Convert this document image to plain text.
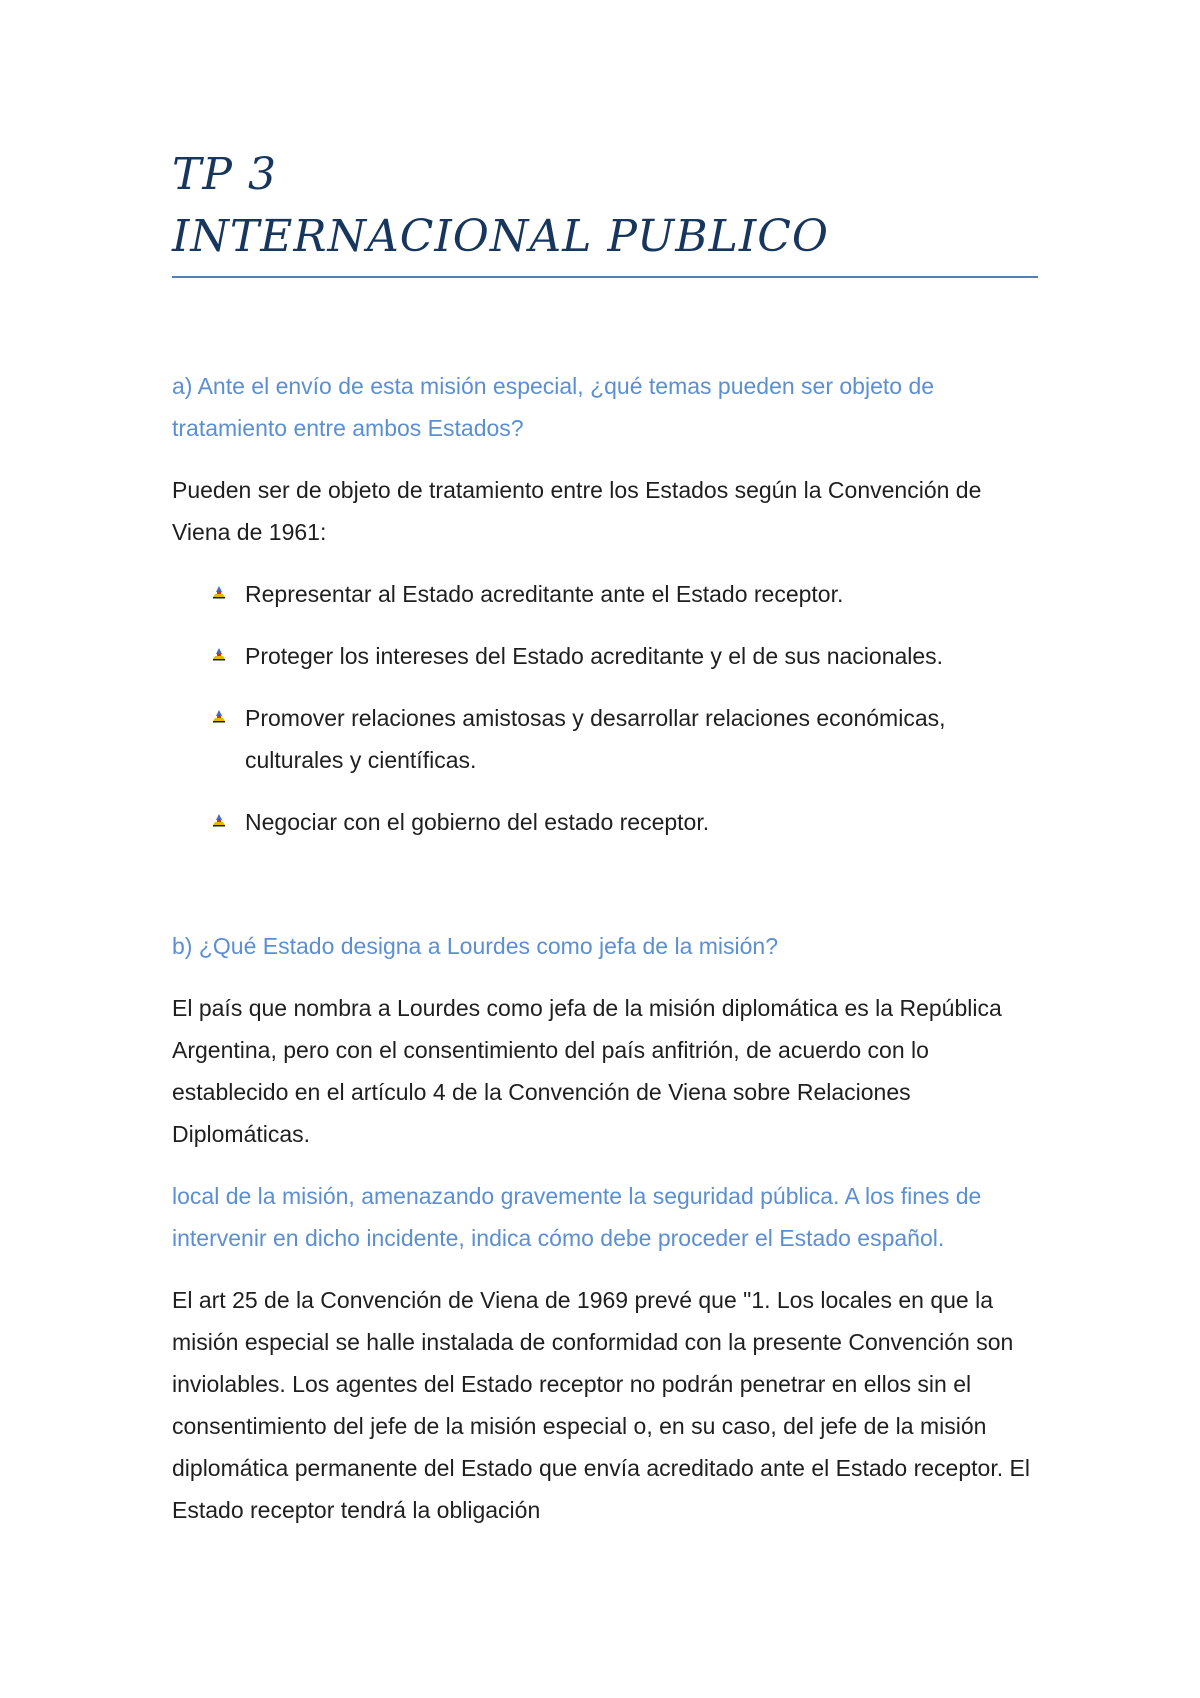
TP 3
INTERNACIONAL PUBLICO

a) Ante el envío de esta misión especial, ¿qué temas pueden ser objeto de tratamiento entre ambos Estados?

Pueden ser de objeto de tratamiento entre los Estados según la Convención de Viena de 1961:

Representar al Estado acreditante ante el Estado receptor.
Proteger los intereses del Estado acreditante y el de sus nacionales.
Promover relaciones amistosas y desarrollar relaciones económicas, culturales y científicas.
Negociar con el gobierno del estado receptor.

b) ¿Qué Estado designa a Lourdes como jefa de la misión?

El país que nombra a Lourdes como jefa de la misión diplomática es la República Argentina, pero con el consentimiento del país anfitrión, de acuerdo con lo establecido en el artículo 4 de la Convención de Viena sobre Relaciones Diplomáticas.

local de la misión, amenazando gravemente la seguridad pública. A los fines de intervenir en dicho incidente, indica cómo debe proceder el Estado español.

El art 25 de la Convención de Viena de 1969 prevé que "1. Los locales en que la misión especial se halle instalada de conformidad con la presente Convención son inviolables. Los agentes del Estado receptor no podrán penetrar en ellos sin el consentimiento del jefe de la misión especial o, en su caso, del jefe de la misión diplomática permanente del Estado que envía acreditado ante el Estado receptor. El Estado receptor tendrá la obligación
